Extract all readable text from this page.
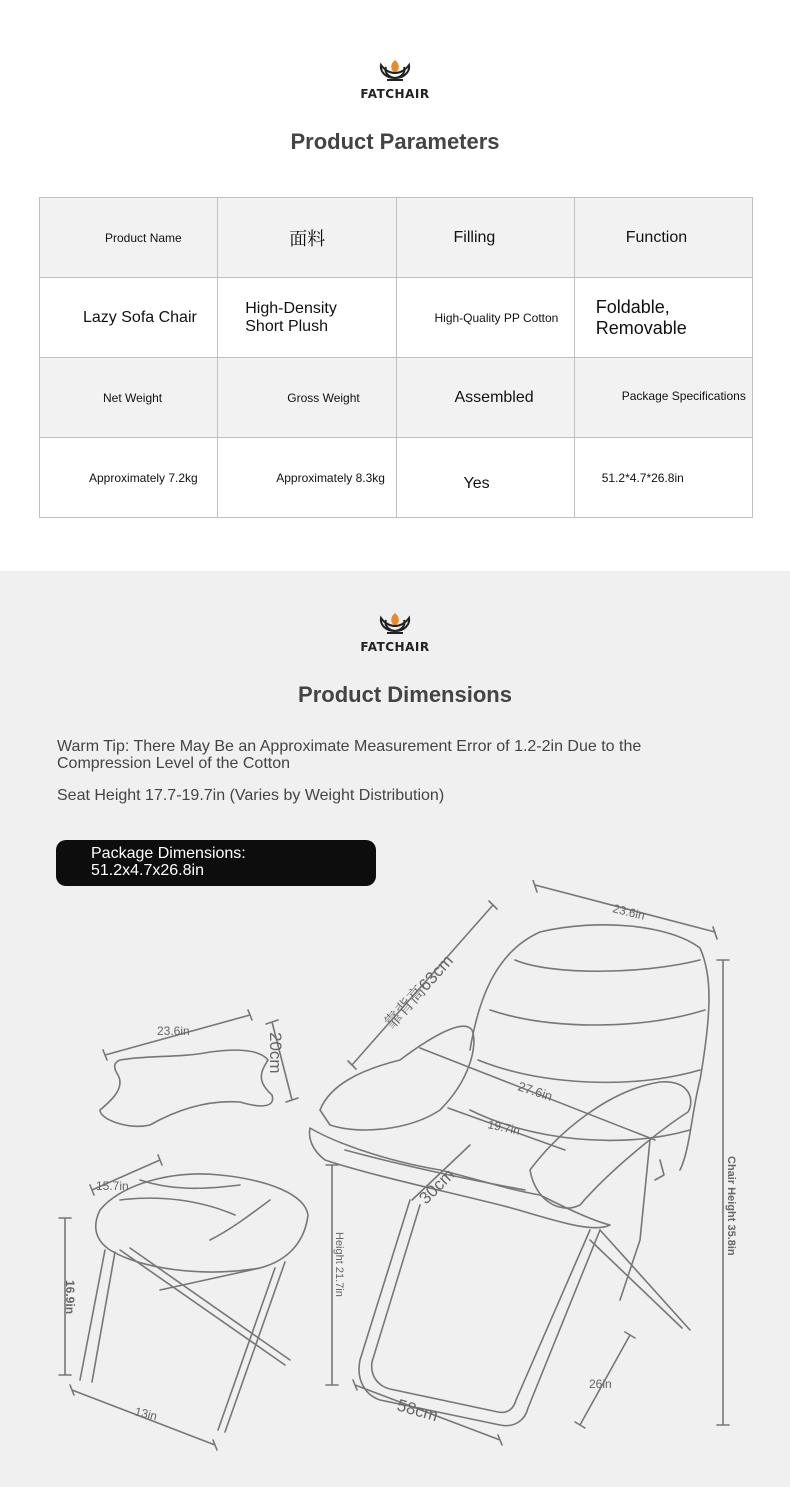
FATCHAIR
Product Parameters
Product Name	面料	Filling	Function

Lazy Sofa Chair	High-Density Short Plush	High-Quality PP Cotton	Foldable, Removable

Net Weight	Gross Weight	Assembled	Package Specifications

Approximately 7.2kg	Approximately 8.3kg	Yes	51.2*4.7*26.8in
FATCHAIR
Product Dimensions
Warm Tip: There May Be an Approximate Measurement Error of 1.2-2in Due to the Compression Level of the Cotton
Seat Height 17.7-19.7in (Varies by Weight Distribution)
Package Dimensions: 51.2x4.7x26.8in
23.6in
靠背高63cm
27.6in
19.7in
30cm	Chair Height 35.8in
Height 21.7in
58cm
26in
23.6in
20cm
15.7in
16.9in
13in
